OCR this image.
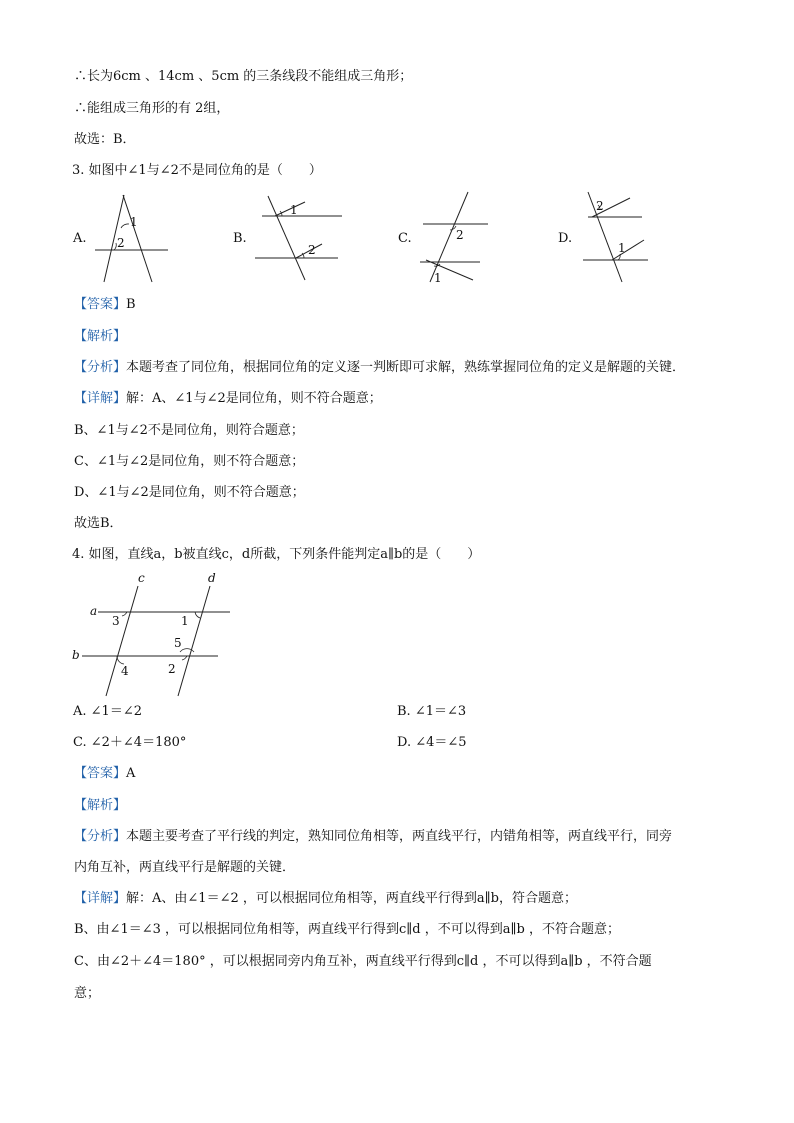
∴长为6cm 、14cm 、5cm 的三条线段不能组成三角形；
∴能组成三角形的有 2组，
故选：B．
3. 如图中∠1与∠2不是同位角的是（　　）
A.	B.	C.	D.
1
2
1
2
2
1
2
1
【答案】B
【解析】
【分析】本题考查了同位角，根据同位角的定义逐一判断即可求解，熟练掌握同位角的定义是解题的关键．
【详解】解：A、∠1与∠2是同位角，则不符合题意；
B、∠1与∠2不是同位角，则符合题意；
C、∠1与∠2是同位角，则不符合题意；
D、∠1与∠2是同位角，则不符合题意；
故选B．
4. 如图，直线a，b被直线c，d所截，下列条件能判定a∥b的是（　　）
a
b
c	d
3	1
5
2
4
A. ∠1＝∠2	B. ∠1＝∠3
C. ∠2＋∠4＝180°	D. ∠4＝∠5
【答案】A
【解析】
【分析】本题主要考查了平行线的判定，熟知同位角相等，两直线平行，内错角相等，两直线平行，同旁
内角互补，两直线平行是解题的关键．
【详解】解：A、由∠1＝∠2 ，可以根据同位角相等，两直线平行得到a∥b，符合题意；
B、由∠1＝∠3 ，可以根据同位角相等，两直线平行得到c∥d ，不可以得到a∥b ，不符合题意；
C、由∠2＋∠4＝180° ，可以根据同旁内角互补，两直线平行得到c∥d ，不可以得到a∥b ，不符合题
意；
